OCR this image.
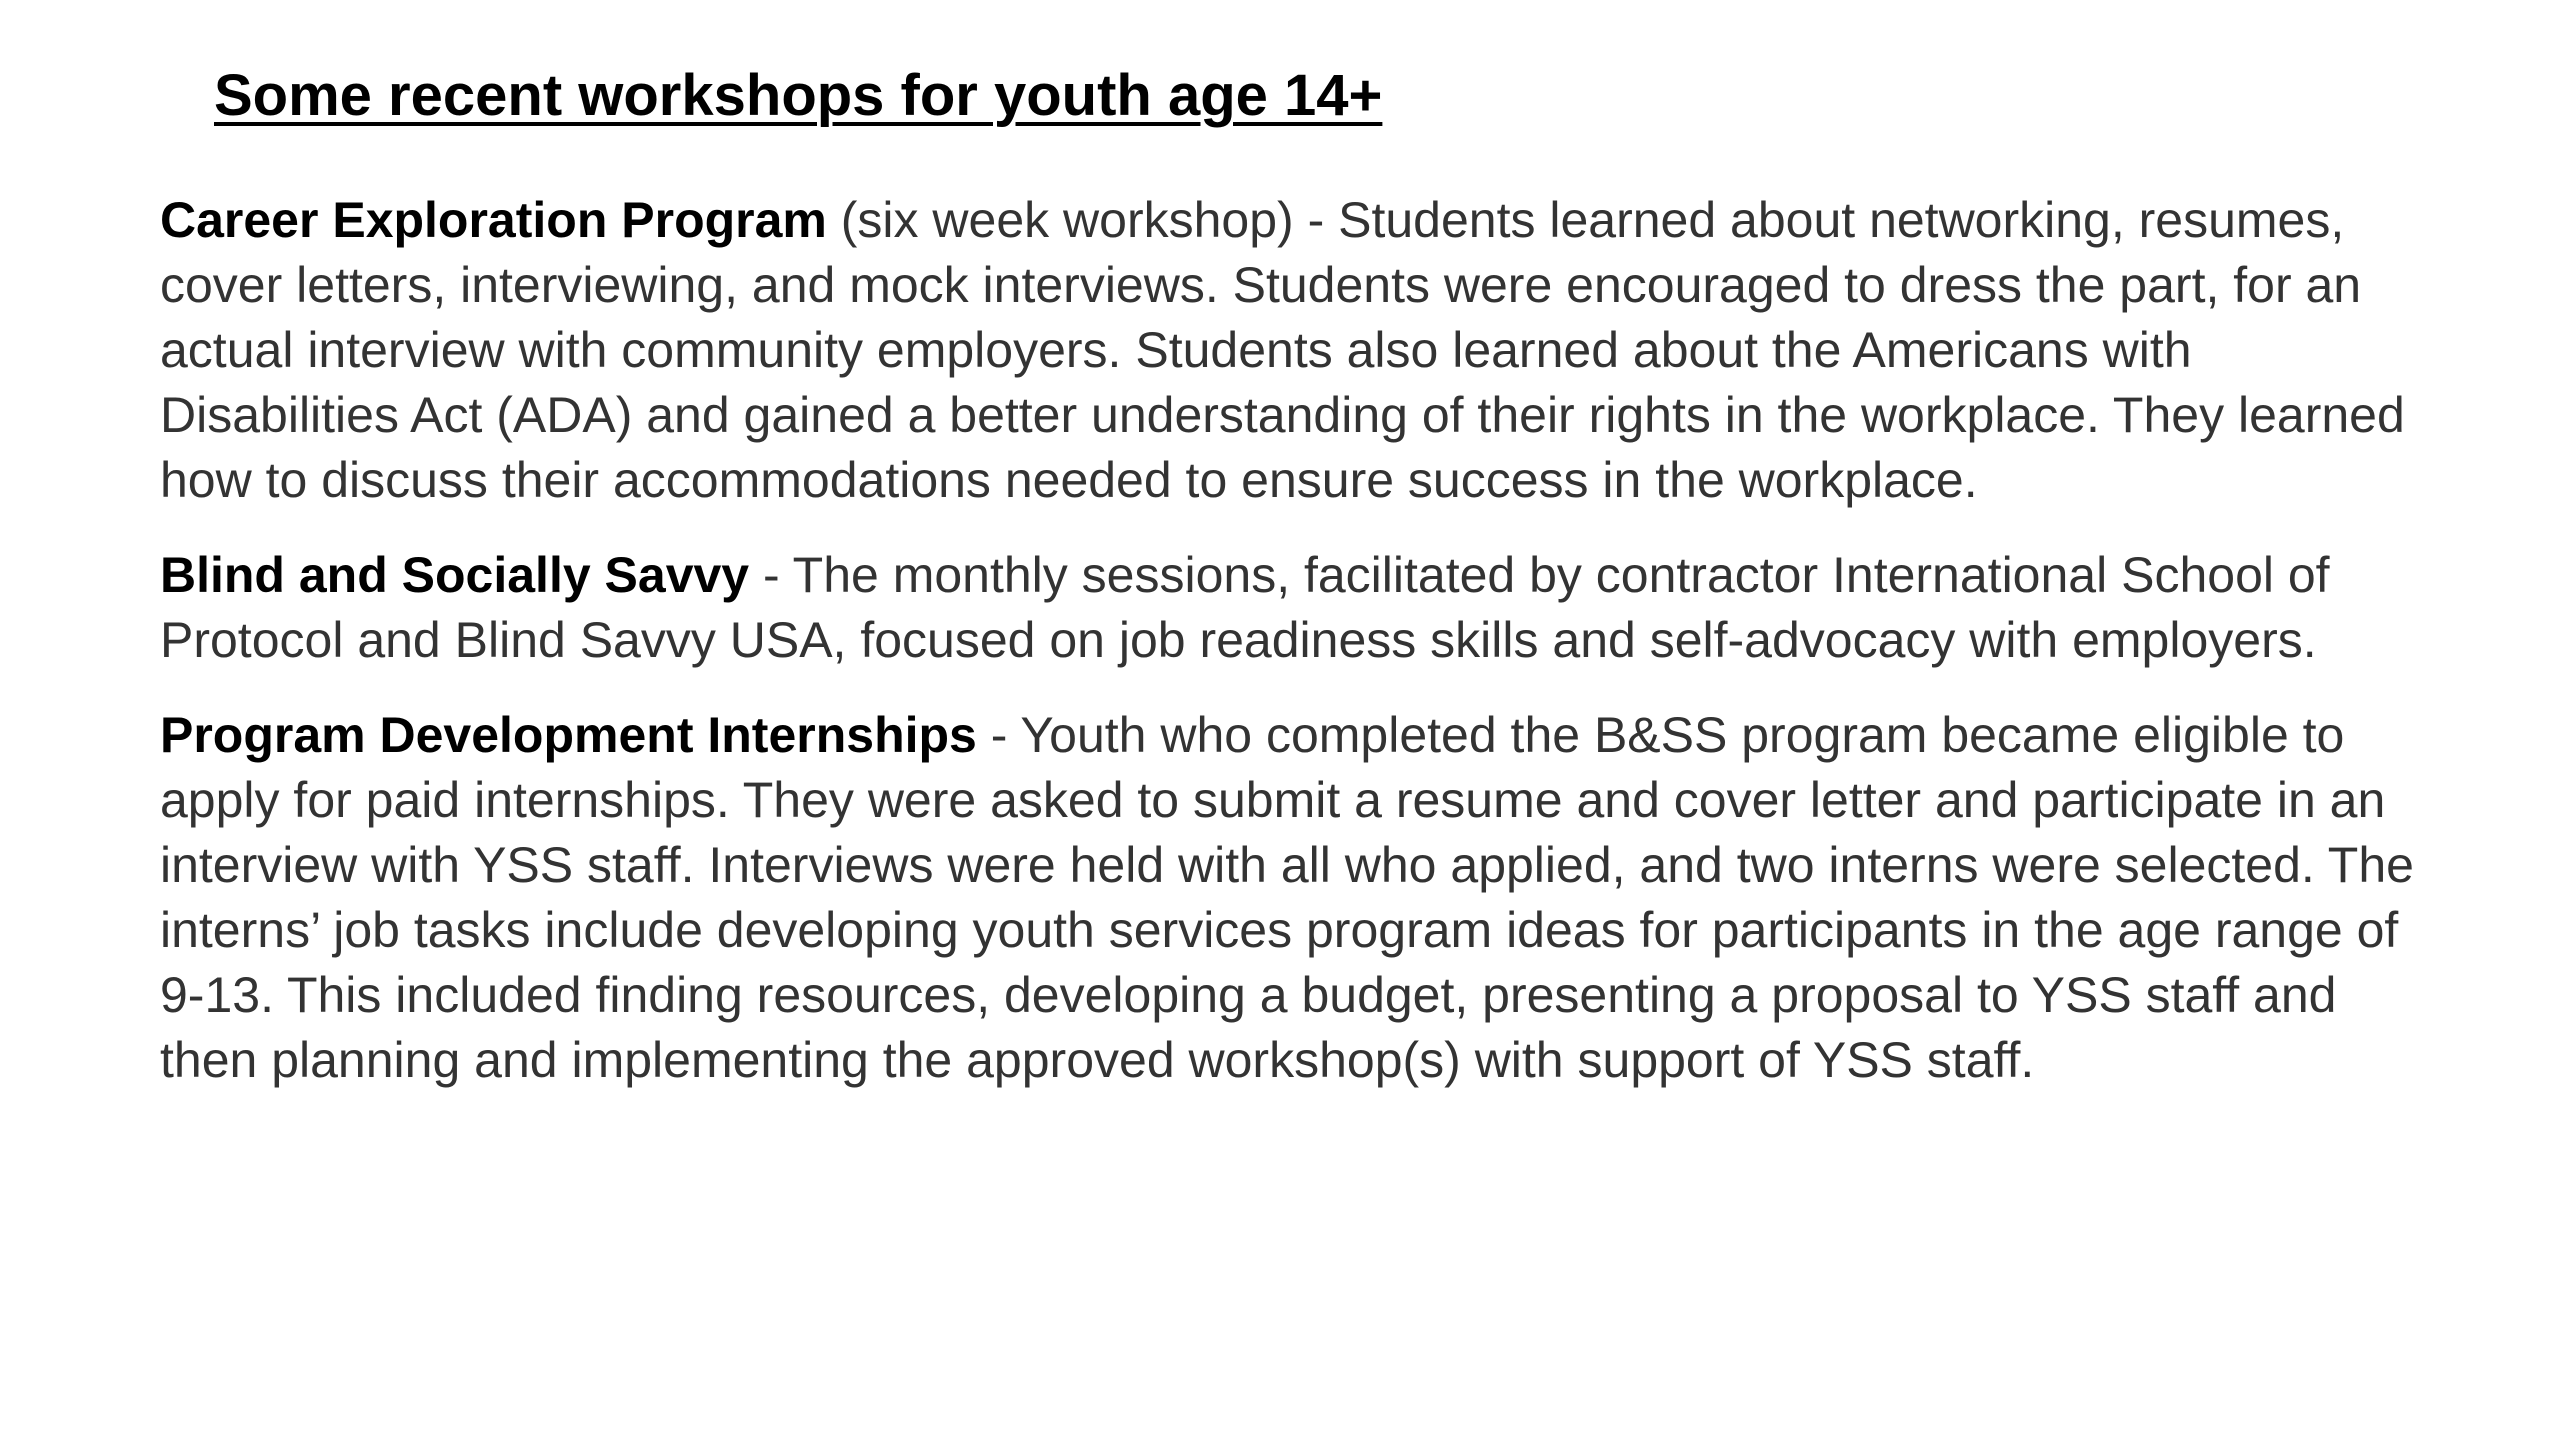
Some recent workshops for youth age 14+

Career Exploration Program (six week workshop) - Students learned about networking, resumes, cover letters, interviewing, and mock interviews. Students were encouraged to dress the part, for an actual interview with community employers. Students also learned about the Americans with Disabilities Act (ADA) and gained a better understanding of their rights in the workplace. They learned how to discuss their accommodations needed to ensure success in the workplace.

Blind and Socially Savvy - The monthly sessions, facilitated by contractor International School of Protocol and Blind Savvy USA, focused on job readiness skills and self-advocacy with employers.

Program Development Internships - Youth who completed the B&SS program became eligible to apply for paid internships. They were asked to submit a resume and cover letter and participate in an interview with YSS staff. Interviews were held with all who applied, and two interns were selected. The interns’ job tasks include developing youth services program ideas for participants in the age range of 9-13. This included finding resources, developing a budget, presenting a proposal to YSS staff and then planning and implementing the approved workshop(s) with support of YSS staff.
